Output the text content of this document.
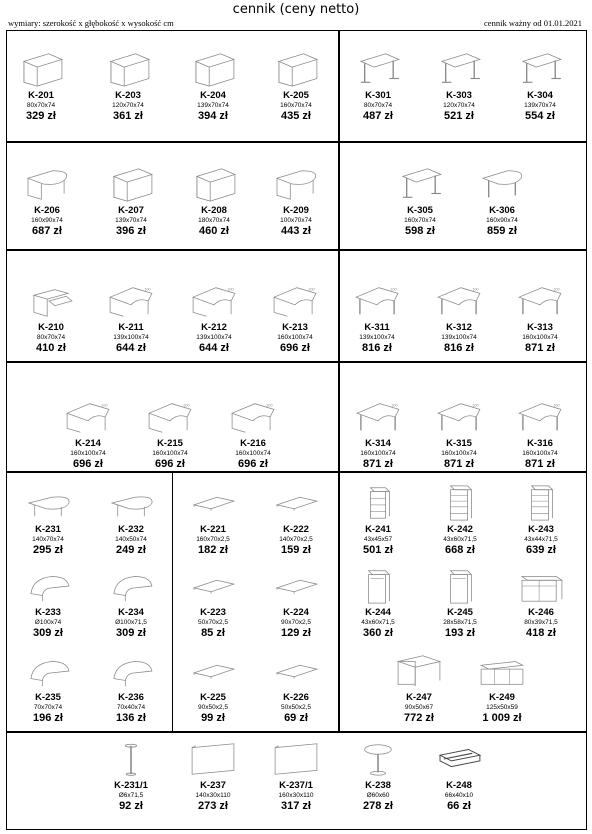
cennik (ceny netto)
wymiary: szerokość x głębokość x wysokość cm	cennik ważny od 01.01.2021
K-201
80x70x74
329 zł
K-203
120x70x74
361 zł
K-204
139x70x74
394 zł
K-205
160x70x74
435 zł
K-301
80x70x74
487 zł
K-303
120x70x74
521 zł
K-304
139x70x74
554 zł
K-206
160x90x74
687 zł
K-207
139x70x74
396 zł
K-208
180x70x74
460 zł
K-209
100x70x74
443 zł
K-305
160x70x74
598 zł
K-306
160x90x74
859 zł
K-210
80x70x74
410 zł
100
K-211
139x100x74
644 zł
100
K-212
139x100x74
644 zł
100
K-213
160x100x74
696 zł
100
K-311
139x100x74
816 zł
100
K-312
139x100x74
816 zł
100
K-313
160x100x74
871 zł
100
K-214
160x100x74
696 zł
100
K-215
160x100x74
696 zł
100
K-216
160x100x74
696 zł
100
K-314
160x100x74
871 zł
100
K-315
160x100x74
871 zł
100
K-316
160x100x74
871 zł
K-231
140x70x74
295 zł
K-232
140x50x74
249 zł
K-221
160x70x2,5
182 zł
K-222
140x70x2,5
159 zł
K-241
43x45x57
501 zł
K-242
43x60x71,5
668 zł
K-243
43x44x71,5
639 zł
K-233
Ø100x74
309 zł
K-234
Ø100x71,5
309 zł
K-223
50x70x2,5
85 zł
K-224
90x70x2,5
129 zł
K-244
43x60x71,5
360 zł
K-245
28x58x71,5
193 zł
K-246
80x39x71,5
418 zł
K-235
70x70x74
196 zł
K-236
70x40x74
136 zł
K-225
90x50x2,5
99 zł
K-226
50x50x2,5
69 zł
K-247
90x50x67
772 zł
K-249
125x50x59
1 009 zł
K-231/1
Ø6x71,5
92 zł
K-237
140x30x110
273 zł
K-237/1
160x30x110
317 zł
K-238
Ø60x60
278 zł
K-248
66x40x10
66 zł
